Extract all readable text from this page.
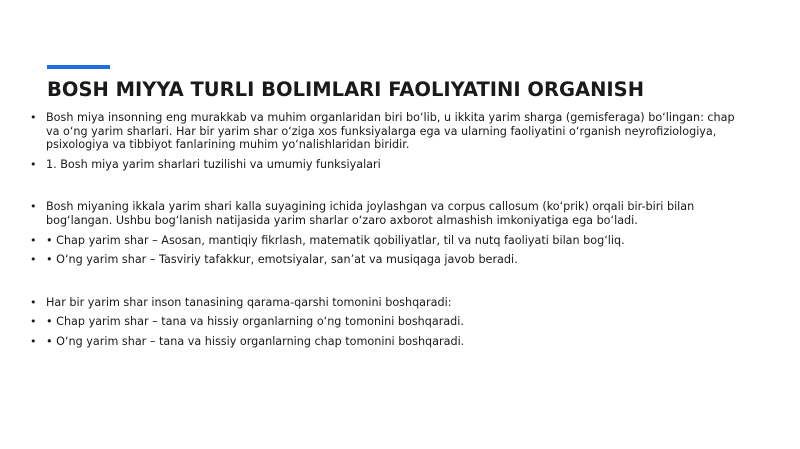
BOSH MIYYA TURLI BOLIMLARI FAOLIYATINI ORGANISH
• Bosh miya insonning eng murakkab va muhim organlaridan biri bo‘lib, u ikkita yarim sharga (gemisferaga) bo‘lingan: chap va o‘ng yarim sharlari. Har bir yarim shar o‘ziga xos funksiyalarga ega va ularning faoliyatini o‘rganish neyrofiziologiya, psixologiya va tibbiyot fanlarining muhim yo‘nalishlaridan biridir.
• 1. Bosh miya yarim sharlari tuzilishi va umumiy funksiyalari
• Bosh miyaning ikkala yarim shari kalla suyagining ichida joylashgan va corpus callosum (ko‘prik) orqali bir-biri bilan bog‘langan. Ushbu bog‘lanish natijasida yarim sharlar o‘zaro axborot almashish imkoniyatiga ega bo‘ladi.
• • Chap yarim shar – Asosan, mantiqiy fikrlash, matematik qobiliyatlar, til va nutq faoliyati bilan bog‘liq.
• • O‘ng yarim shar – Tasviriy tafakkur, emotsiyalar, san’at va musiqaga javob beradi.
• Har bir yarim shar inson tanasining qarama-qarshi tomonini boshqaradi:
• • Chap yarim shar – tana va hissiy organlarning o‘ng tomonini boshqaradi.
• • O‘ng yarim shar – tana va hissiy organlarning chap tomonini boshqaradi.
